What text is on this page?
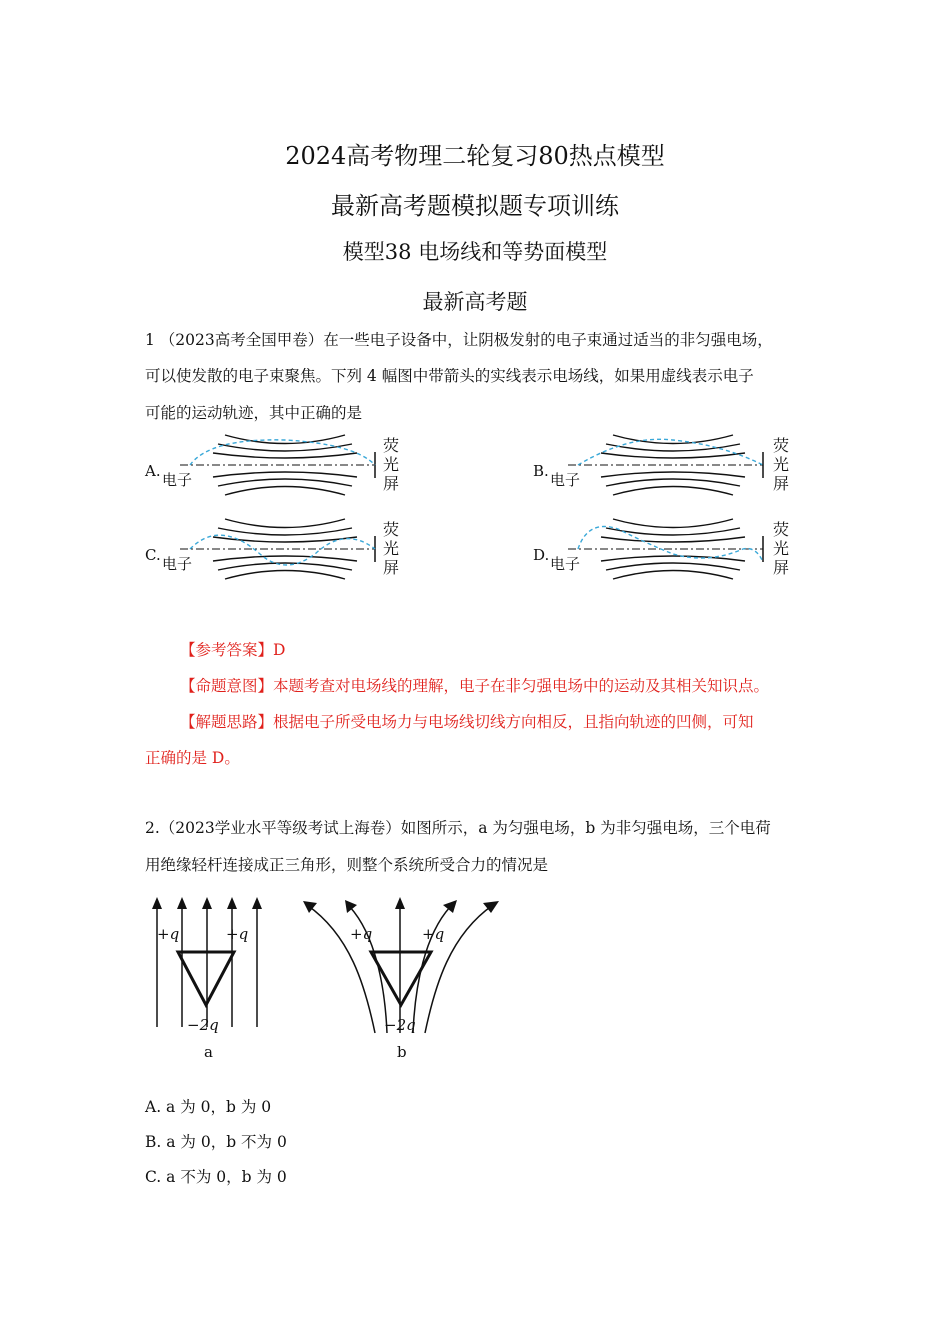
2024高考物理二轮复习80热点模型
最新高考题模拟题专项训练
模型38 电场线和等势面模型
最新高考题
1 （2023高考全国甲卷）在一些电子设备中，让阴极发射的电子束通过适当的非匀强电场，
可以使发散的电子束聚焦。下列 4 幅图中带箭头的实线表示电场线，如果用虚线表示电子
可能的运动轨迹，其中正确的是
A. 电子
荧
光
屏
B. 电子
荧
光
屏
C. 电子
荧
光
屏
D. 电子
荧
光
屏
【参考答案】D
【命题意图】本题考查对电场线的理解，电子在非匀强电场中的运动及其相关知识点。
【解题思路】根据电子所受电场力与电场线切线方向相反，且指向轨迹的凹侧，可知
正确的是 D。
2.（2023学业水平等级考试上海卷）如图所示，a 为匀强电场，b 为非匀强电场，三个电荷
用绝缘轻杆连接成正三角形，则整个系统所受合力的情况是
+q	+q
−2q
a
+q	+q
−2q
b
A. a 为 0，b 为 0
B. a 为 0，b 不为 0
C. a 不为 0，b 为 0
